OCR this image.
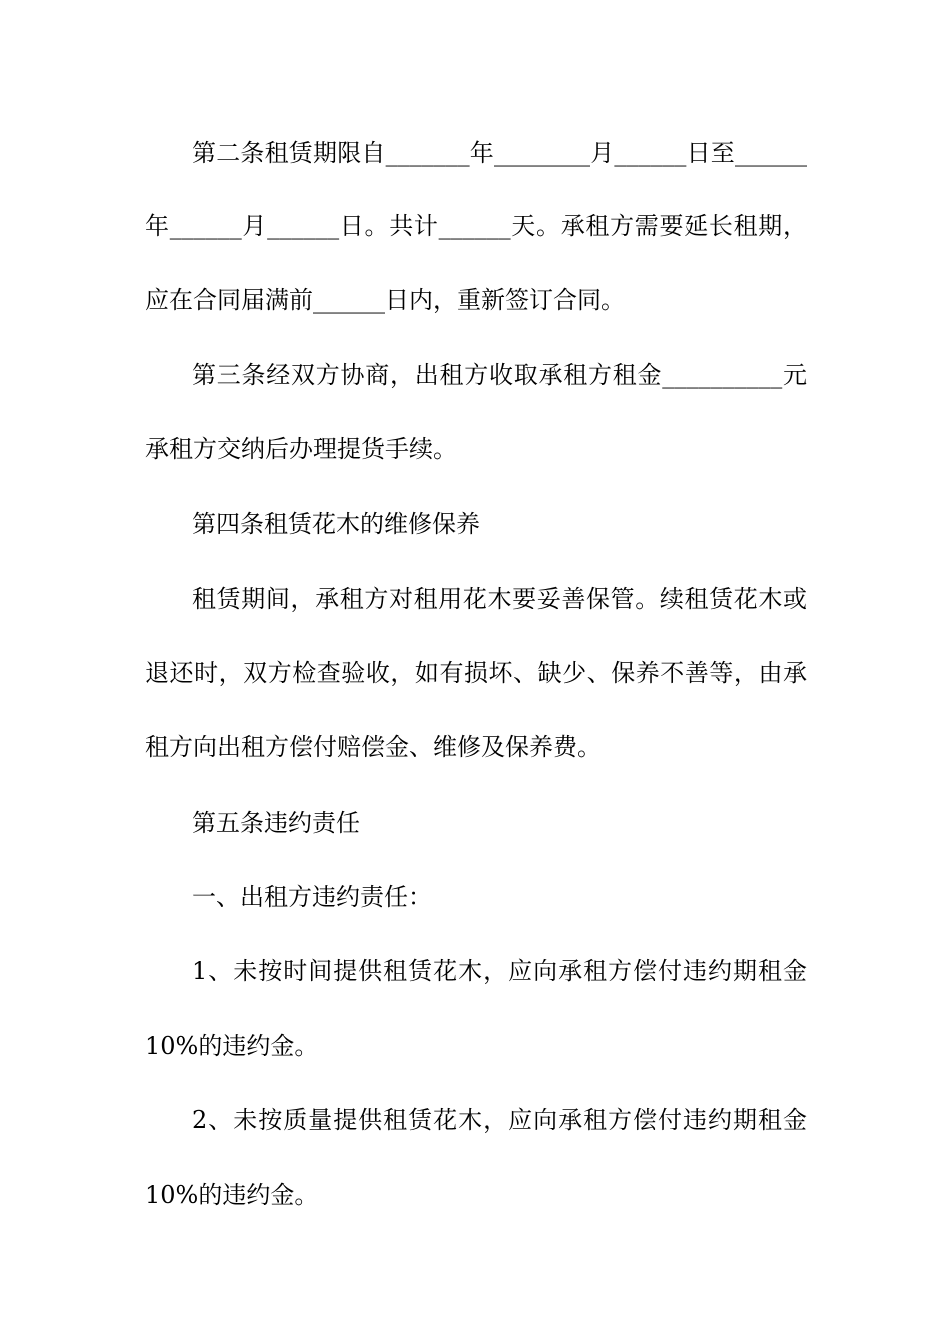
第二条租赁期限自_______年________月______日至______
年______月______日。共计______天。承租方需要延长租期，
应在合同届满前______日内，重新签订合同。
第三条经双方协商，出租方收取承租方租金__________元
承租方交纳后办理提货手续。
第四条租赁花木的维修保养
租赁期间，承租方对租用花木要妥善保管。续租赁花木或
退还时，双方检查验收，如有损坏、缺少、保养不善等，由承
租方向出租方偿付赔偿金、维修及保养费。
第五条违约责任
一、出租方违约责任：
1、未按时间提供租赁花木，应向承租方偿付违约期租金
10%的违约金。
2、未按质量提供租赁花木，应向承租方偿付违约期租金
10%的违约金。
